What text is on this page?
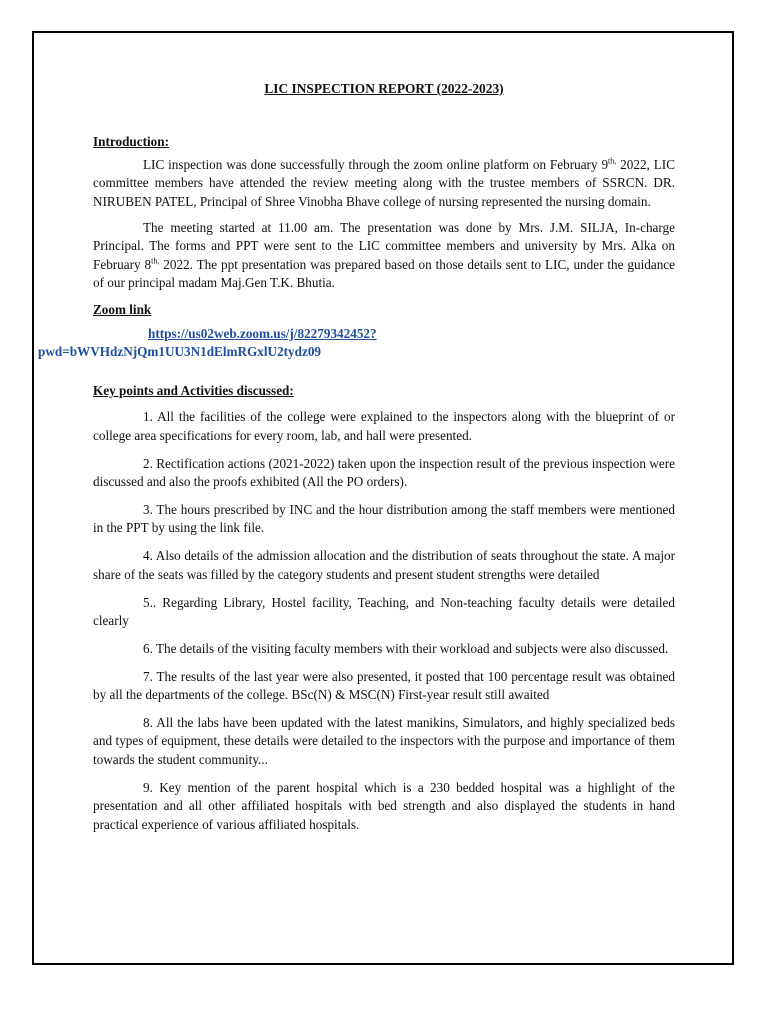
LIC INSPECTION REPORT (2022-2023)
Introduction:

LIC inspection was done successfully through the zoom online platform on February $9^{th,}$ 2022, LIC committee members have attended the review meeting along with the trustee members of SSRCN. DR. NIRUBEN PATEL, Principal of Shree Vinobha Bhave college of nursing represented the nursing domain.

The meeting started at 11.00 am. The presentation was done by Mrs. J.M. SILJA, In-charge Principal. The forms and PPT were sent to the LIC committee members and university by Mrs. Alka on February $8^{th,}$ 2022. The ppt presentation was prepared based on those details sent to LIC, under the guidance of our principal madam Maj.Gen T.K. Bhutia.

Zoom link
https://us02web.zoom.us/j/82279342452?
pwd=bWVHdzNjQm1UU3N1dElmRGxlU2tydz09
Key points and Activities discussed:

1. All the facilities of the college were explained to the inspectors along with the blueprint of or college area specifications for every room, lab, and hall were presented.

2. Rectification actions (2021-2022) taken upon the inspection result of the previous inspection were discussed and also the proofs exhibited (All the PO orders).

3. The hours prescribed by INC and the hour distribution among the staff members were mentioned in the PPT by using the link file.

4. Also details of the admission allocation and the distribution of seats throughout the state. A major share of the seats was filled by the category students and present student strengths were detailed

5.. Regarding Library, Hostel facility, Teaching, and Non-teaching faculty details were detailed clearly

6. The details of the visiting faculty members with their workload and subjects were also discussed.

7. The results of the last year were also presented, it posted that 100 percentage result was obtained by all the departments of the college. BSc(N) & MSC(N) First-year result still awaited

8. All the labs have been updated with the latest manikins, Simulators, and highly specialized beds and types of equipment, these details were detailed to the inspectors with the purpose and importance of them towards the student community...

9. Key mention of the parent hospital which is a 230 bedded hospital was a highlight of the presentation and all other affiliated hospitals with bed strength and also displayed the students in hand practical experience of various affiliated hospitals.
